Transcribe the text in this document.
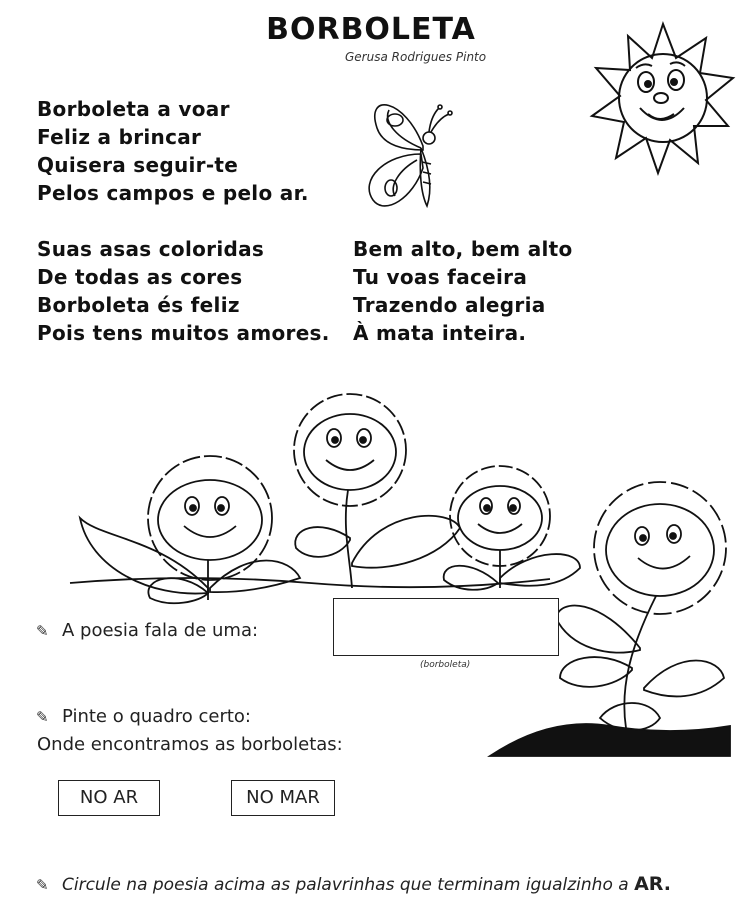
BORBOLETA
Gerusa Rodrigues Pinto
Borboleta a voar
Feliz a brincar
Quisera seguir-te
Pelos campos e pelo ar.
Suas asas coloridas
De todas as cores
Borboleta és feliz
Pois tens muitos amores.
Bem alto, bem alto
Tu voas faceira
Trazendo alegria
À mata inteira.
✎ A poesia fala de uma:
(borboleta)
✎ Pinte o quadro certo:
Onde encontramos as borboletas:
NO AR	NO MAR
✎ Circule na poesia acima as palavrinhas que terminam igualzinho a AR.
